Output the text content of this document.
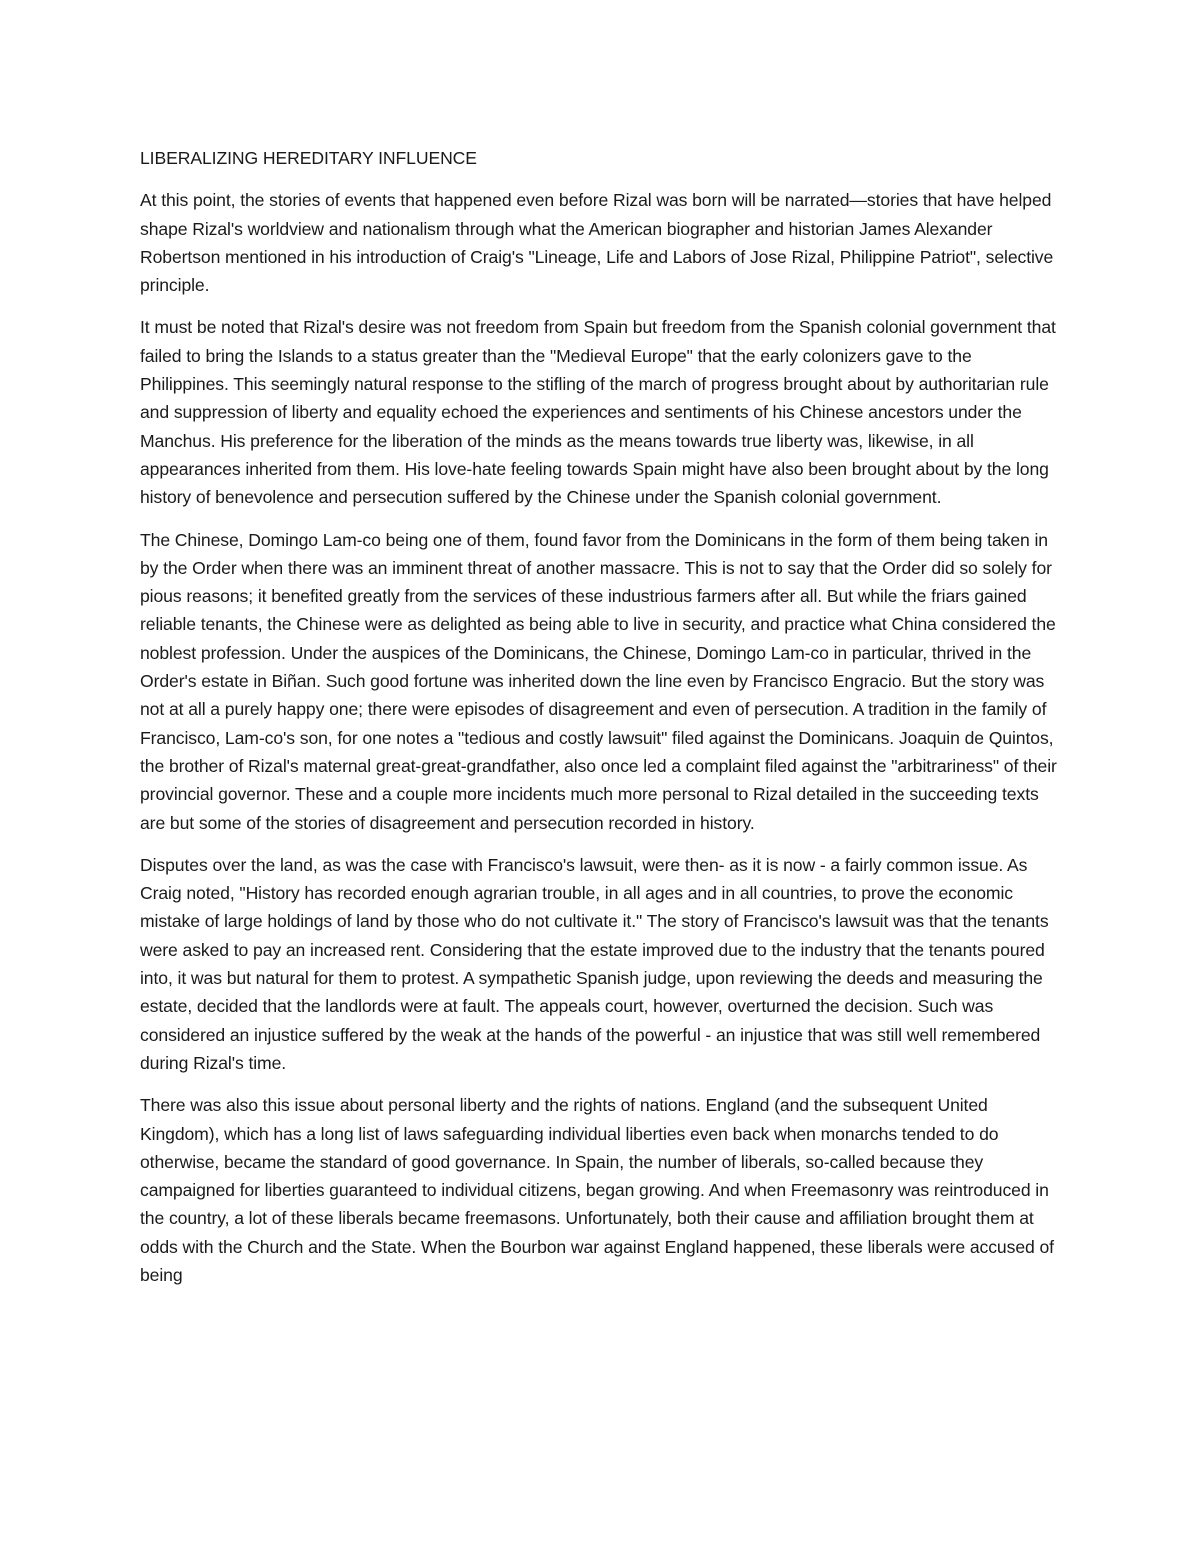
LIBERALIZING HEREDITARY INFLUENCE

At this point, the stories of events that happened even before Rizal was born will be narrated—stories that have helped shape Rizal's worldview and nationalism through what the American biographer and historian James Alexander Robertson mentioned in his introduction of Craig's "Lineage, Life and Labors of Jose Rizal, Philippine Patriot", selective principle.

It must be noted that Rizal's desire was not freedom from Spain but freedom from the Spanish colonial government that failed to bring the Islands to a status greater than the "Medieval Europe" that the early colonizers gave to the Philippines. This seemingly natural response to the stifling of the march of progress brought about by authoritarian rule and suppression of liberty and equality echoed the experiences and sentiments of his Chinese ancestors under the Manchus. His preference for the liberation of the minds as the means towards true liberty was, likewise, in all appearances inherited from them. His love-hate feeling towards Spain might have also been brought about by the long history of benevolence and persecution suffered by the Chinese under the Spanish colonial government.

The Chinese, Domingo Lam-co being one of them, found favor from the Dominicans in the form of them being taken in by the Order when there was an imminent threat of another massacre. This is not to say that the Order did so solely for pious reasons; it benefited greatly from the services of these industrious farmers after all. But while the friars gained reliable tenants, the Chinese were as delighted as being able to live in security, and practice what China considered the noblest profession. Under the auspices of the Dominicans, the Chinese, Domingo Lam-co in particular, thrived in the Order's estate in Biñan. Such good fortune was inherited down the line even by Francisco Engracio. But the story was not at all a purely happy one; there were episodes of disagreement and even of persecution. A tradition in the family of Francisco, Lam-co's son, for one notes a "tedious and costly lawsuit" filed against the Dominicans. Joaquin de Quintos, the brother of Rizal's maternal great-great-grandfather, also once led a complaint filed against the "arbitrariness" of their provincial governor. These and a couple more incidents much more personal to Rizal detailed in the succeeding texts are but some of the stories of disagreement and persecution recorded in history.

Disputes over the land, as was the case with Francisco's lawsuit, were then- as it is now - a fairly common issue. As Craig noted, "History has recorded enough agrarian trouble, in all ages and in all countries, to prove the economic mistake of large holdings of land by those who do not cultivate it." The story of Francisco's lawsuit was that the tenants were asked to pay an increased rent. Considering that the estate improved due to the industry that the tenants poured into, it was but natural for them to protest. A sympathetic Spanish judge, upon reviewing the deeds and measuring the estate, decided that the landlords were at fault. The appeals court, however, overturned the decision. Such was considered an injustice suffered by the weak at the hands of the powerful - an injustice that was still well remembered during Rizal's time.

There was also this issue about personal liberty and the rights of nations. England (and the subsequent United Kingdom), which has a long list of laws safeguarding individual liberties even back when monarchs tended to do otherwise, became the standard of good governance. In Spain, the number of liberals, so-called because they campaigned for liberties guaranteed to individual citizens, began growing. And when Freemasonry was reintroduced in the country, a lot of these liberals became freemasons. Unfortunately, both their cause and affiliation brought them at odds with the Church and the State. When the Bourbon war against England happened, these liberals were accused of being
